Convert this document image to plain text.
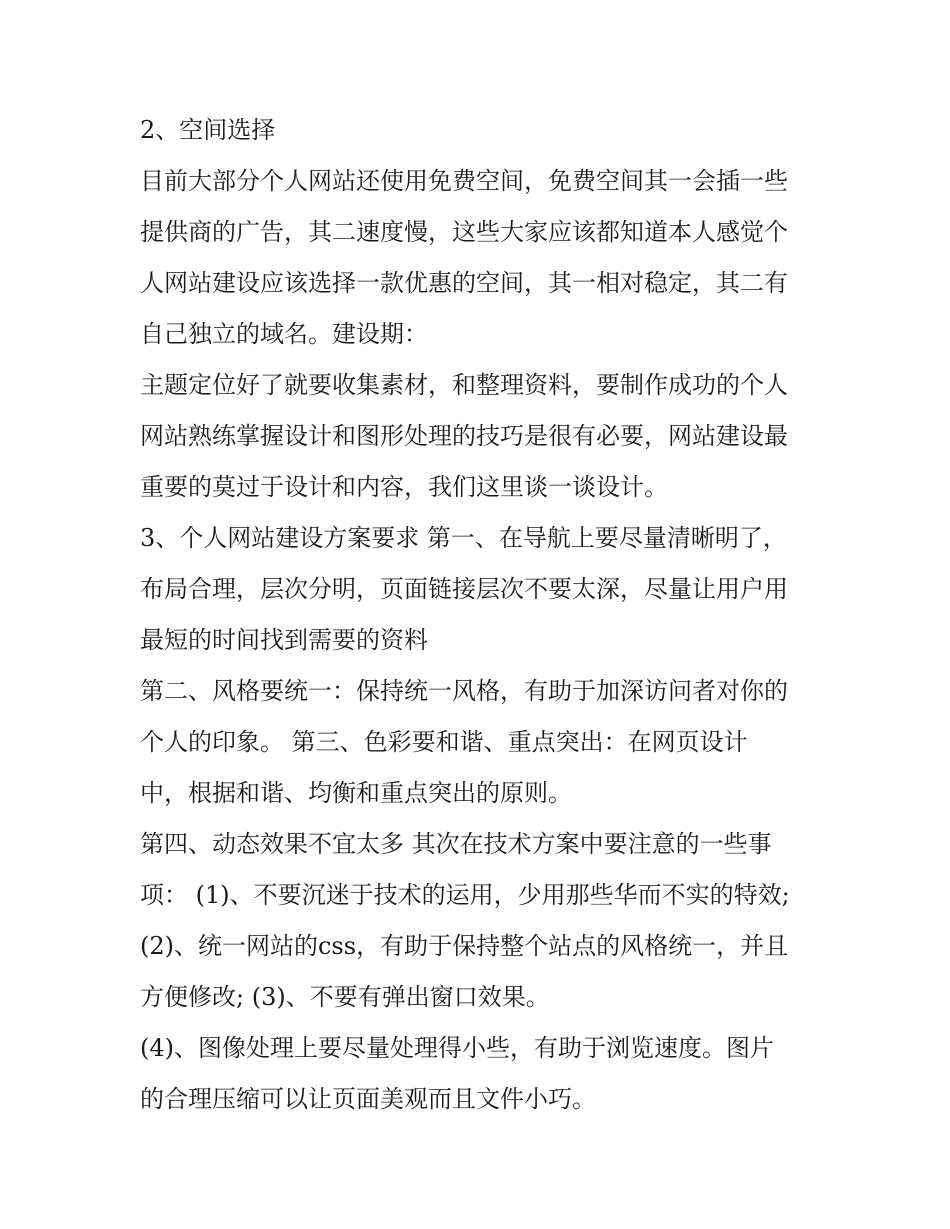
2、空间选择
目前大部分个人网站还使用免费空间，免费空间其一会插一些
提供商的广告，其二速度慢，这些大家应该都知道本人感觉个
人网站建设应该选择一款优惠的空间，其一相对稳定，其二有
自己独立的域名。建设期：
主题定位好了就要收集素材，和整理资料，要制作成功的个人
网站熟练掌握设计和图形处理的技巧是很有必要，网站建设最
重要的莫过于设计和内容，我们这里谈一谈设计。
3、个人网站建设方案要求 第一、在导航上要尽量清晰明了，
布局合理，层次分明，页面链接层次不要太深，尽量让用户用
最短的时间找到需要的资料
第二、风格要统一：保持统一风格，有助于加深访问者对你的
个人的印象。 第三、色彩要和谐、重点突出：在网页设计
中，根据和谐、均衡和重点突出的原则。
第四、动态效果不宜太多 其次在技术方案中要注意的一些事
项： (1)、不要沉迷于技术的运用，少用那些华而不实的特效;
(2)、统一网站的css，有助于保持整个站点的风格统一，并且
方便修改; (3)、不要有弹出窗口效果。
(4)、图像处理上要尽量处理得小些，有助于浏览速度。图片
的合理压缩可以让页面美观而且文件小巧。
